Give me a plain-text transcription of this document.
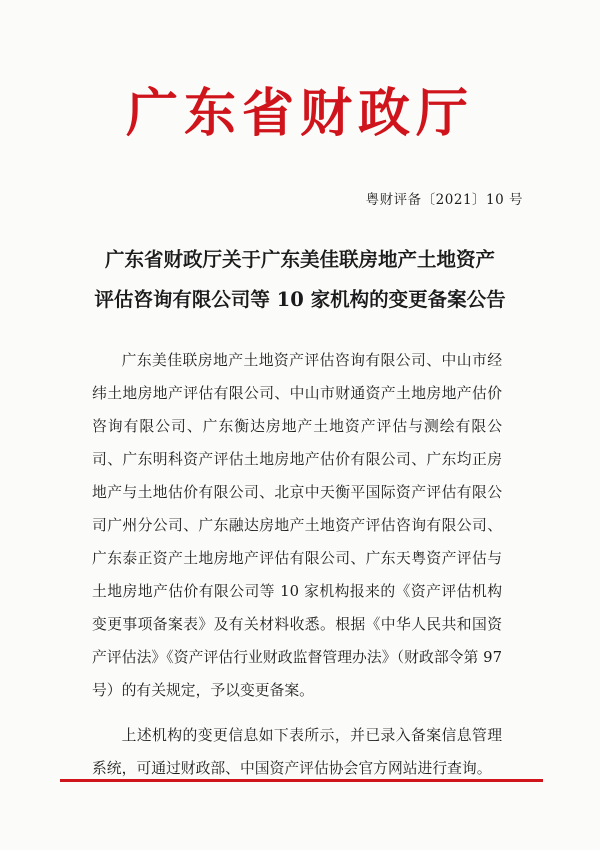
广东省财政厅
粤财评备〔2021〕10 号
广东省财政厅关于广东美佳联房地产土地资产
评估咨询有限公司等 10 家机构的变更备案公告

广东美佳联房地产土地资产评估咨询有限公司、中山市经纬土地房地产评估有限公司、中山市财通资产土地房地产估价咨询有限公司、广东衡达房地产土地资产评估与测绘有限公司、广东明科资产评估土地房地产估价有限公司、广东均正房地产与土地估价有限公司、北京中天衡平国际资产评估有限公司广州分公司、广东融达房地产土地资产评估咨询有限公司、广东泰正资产土地房地产评估有限公司、广东天粤资产评估与土地房地产估价有限公司等 10 家机构报来的《资产评估机构变更事项备案表》及有关材料收悉。根据《中华人民共和国资产评估法》《资产评估行业财政监督管理办法》（财政部令第 97 号）的有关规定，予以变更备案。

上述机构的变更信息如下表所示，并已录入备案信息管理系统，可通过财政部、中国资产评估协会官方网站进行查询。
